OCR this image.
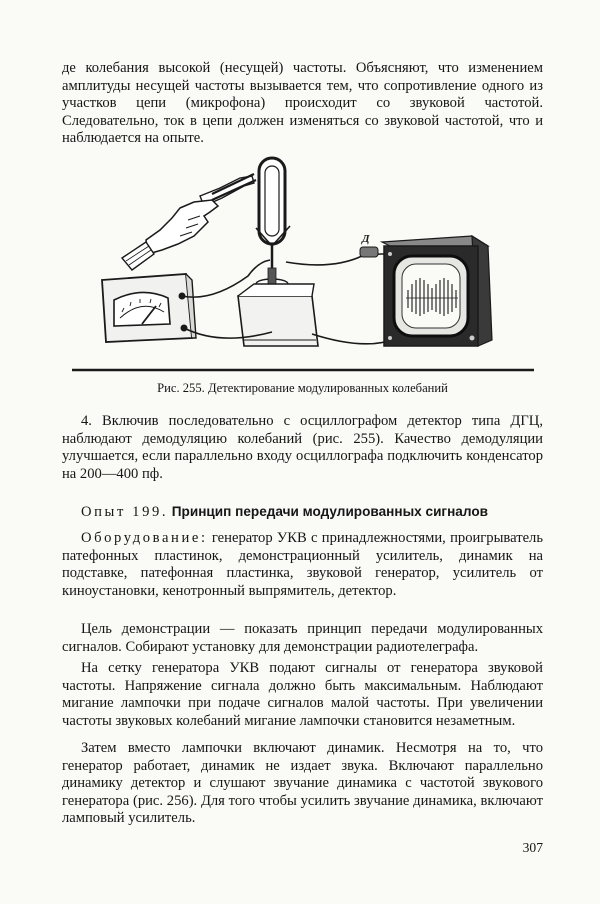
де колебания высокой (несущей) частоты. Объясняют, что изменением амплитуды несущей частоты вызывается тем, что сопротивление одного из участков цепи (микрофона) происходит со звуковой частотой. Следовательно, ток в цепи должен изменяться со звуковой частотой, что и наблюдается на опыте.

Д
Рис. 255. Детектирование модулированных колебаний

4. Включив последовательно с осциллографом детектор типа ДГЦ, наблюдают демодуляцию колебаний (рис. 255). Качество демодуляции улучшается, если параллельно входу осциллографа подключить конденсатор на 200—400 пф.

Опыт 199. Принцип передачи модулированных сигналов

Оборудование: генератор УКВ с принадлежностями, проигрыватель патефонных пластинок, демонстрационный усилитель, динамик на подставке, патефонная пластинка, звуковой генератор, усилитель от киноустановки, кенотронный выпрямитель, детектор.

Цель демонстрации — показать принцип передачи модулированных сигналов. Собирают установку для демонстрации радиотелеграфа.

На сетку генератора УКВ подают сигналы от генератора звуковой частоты. Напряжение сигнала должно быть максимальным. Наблюдают мигание лампочки при подаче сигналов малой частоты. При увеличении частоты звуковых колебаний мигание лампочки становится незаметным.

Затем вместо лампочки включают динамик. Несмотря на то, что генератор работает, динамик не издает звука. Включают параллельно динамику детектор и слушают звучание динамика с частотой звукового генератора (рис. 256). Для того чтобы усилить звучание динамика, включают ламповый усилитель.

307
